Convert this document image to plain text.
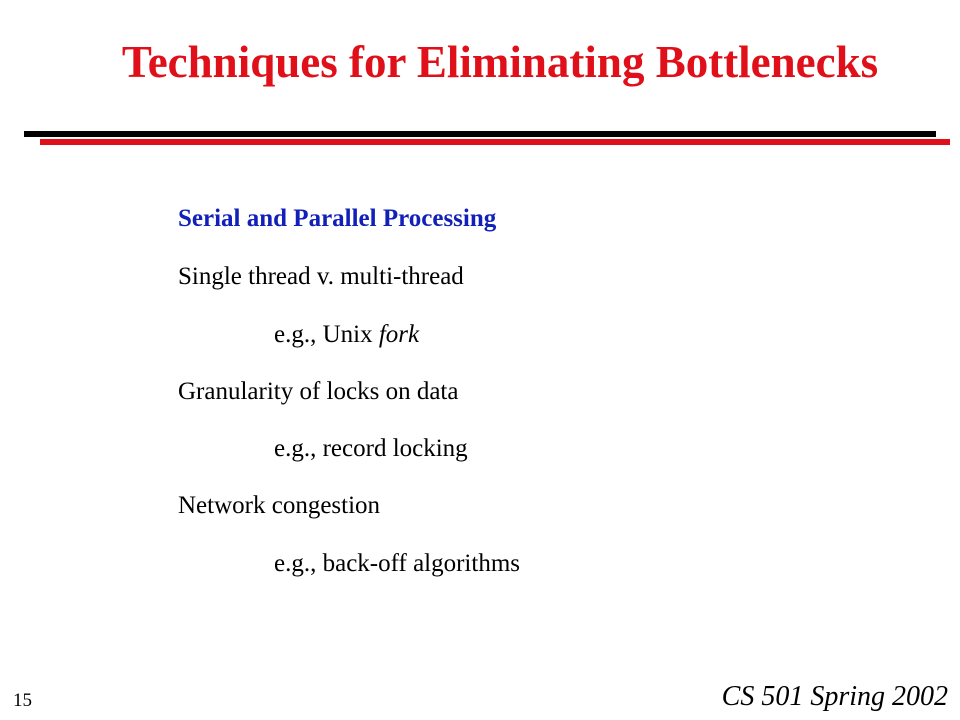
Techniques for Eliminating Bottlenecks
Serial and Parallel Processing
Single thread v. multi-thread
e.g., Unix fork
Granularity of locks on data
e.g., record locking
Network congestion
e.g., back-off algorithms
15	CS 501 Spring 2002
